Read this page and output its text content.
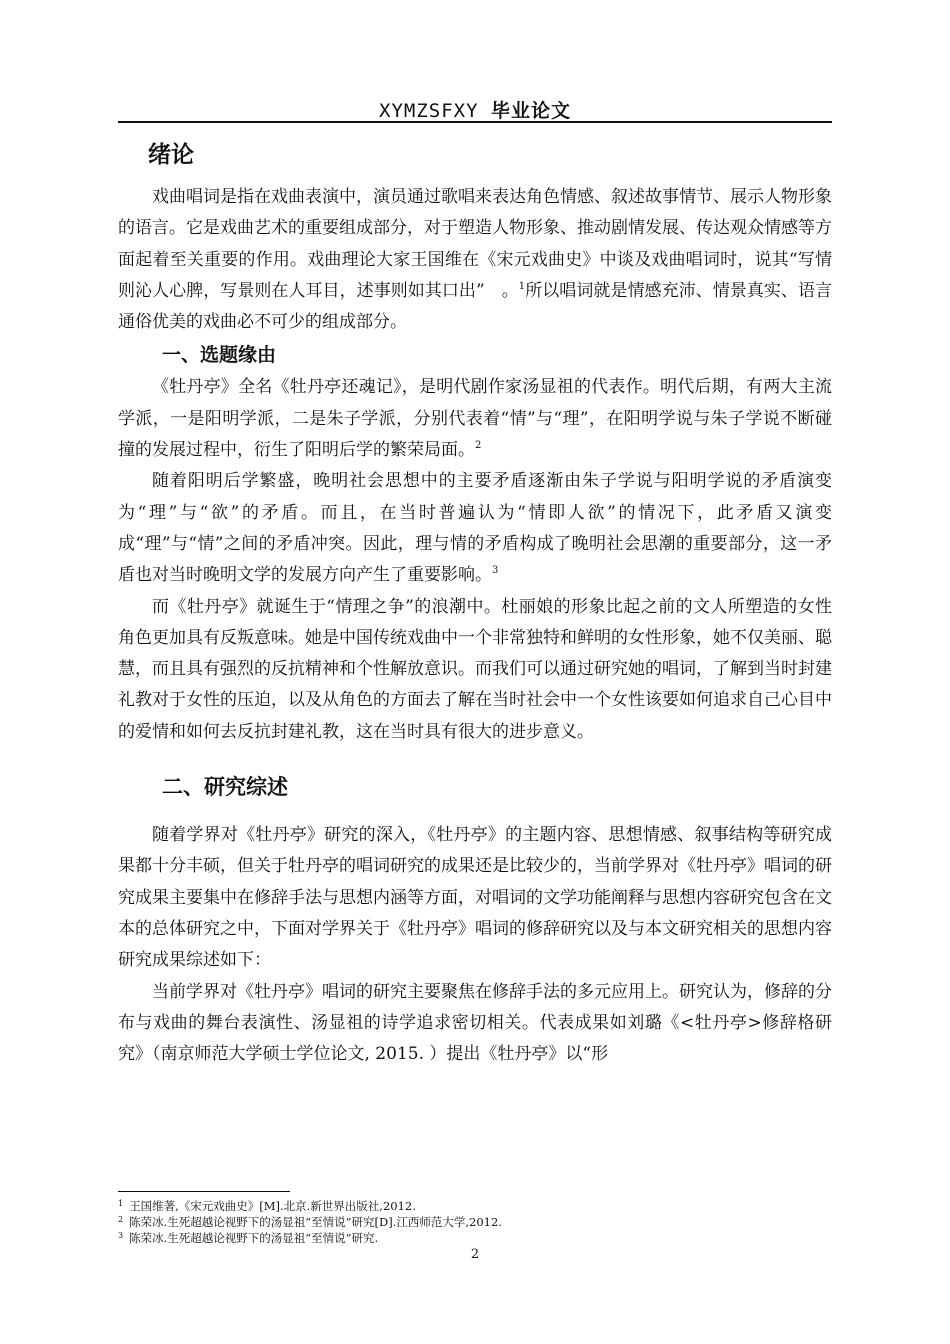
XYMZSFXY 毕业论文
绪论

戏曲唱词是指在戏曲表演中，演员通过歌唱来表达角色情感、叙述故事情节、展示人物形象的语言。它是戏曲艺术的重要组成部分，对于塑造人物形象、推动剧情发展、传达观众情感等方面起着至关重要的作用。戏曲理论大家王国维在《宋元戏曲史》中谈及戏曲唱词时，说其“写情则沁人心脾，写景则在人耳目，述事则如其口出”　。$^1$所以唱词就是情感充沛、情景真实、语言通俗优美的戏曲必不可少的组成部分。

一、选题缘由

《牡丹亭》全名《牡丹亭还魂记》，是明代剧作家汤显祖的代表作。明代后期，有两大主流学派，一是阳明学派，二是朱子学派，分别代表着“情”与“理”，在阳明学说与朱子学说不断碰撞的发展过程中，衍生了阳明后学的繁荣局面。$^2$

随着阳明后学繁盛，晚明社会思想中的主要矛盾逐渐由朱子学说与阳明学说的矛盾演变为“理”与“欲”的矛盾。而且，在当时普遍认为“情即人欲”的情况下，此矛盾又演变成“理”与“情”之间的矛盾冲突。因此，理与情的矛盾构成了晚明社会思潮的重要部分，这一矛盾也对当时晚明文学的发展方向产生了重要影响。$^3$

而《牡丹亭》就诞生于“情理之争”的浪潮中。杜丽娘的形象比起之前的文人所塑造的女性角色更加具有反叛意味。她是中国传统戏曲中一个非常独特和鲜明的女性形象，她不仅美丽、聪慧，而且具有强烈的反抗精神和个性解放意识。而我们可以通过研究她的唱词，了解到当时封建礼教对于女性的压迫，以及从角色的方面去了解在当时社会中一个女性该要如何追求自己心目中的爱情和如何去反抗封建礼教，这在当时具有很大的进步意义。

二、研究综述

随着学界对《牡丹亭》研究的深入，《牡丹亭》的主题内容、思想情感、叙事结构等研究成果都十分丰硕，但关于牡丹亭的唱词研究的成果还是比较少的，当前学界对《牡丹亭》唱词的研究成果主要集中在修辞手法与思想内涵等方面，对唱词的文学功能阐释与思想内容研究包含在文本的总体研究之中，下面对学界关于《牡丹亭》唱词的修辞研究以及与本文研究相关的思想内容研究成果综述如下：

当前学界对《牡丹亭》唱词的研究主要聚焦在修辞手法的多元应用上。研究认为，修辞的分布与戏曲的舞台表演性、汤显祖的诗学追求密切相关。代表成果如刘璐《<牡丹亭>修辞格研究》（南京师范大学硕士学位论文, 2015. ）提出《牡丹亭》以“形

$^1$ 王国维著,《宋元戏曲史》[M].北京.新世界出版社,2012.
$^2$ 陈荣冰.生死超越论视野下的汤显祖“至情说”研究[D].江西师范大学,2012.
$^3$ 陈荣冰.生死超越论视野下的汤显祖“至情说”研究.
2
